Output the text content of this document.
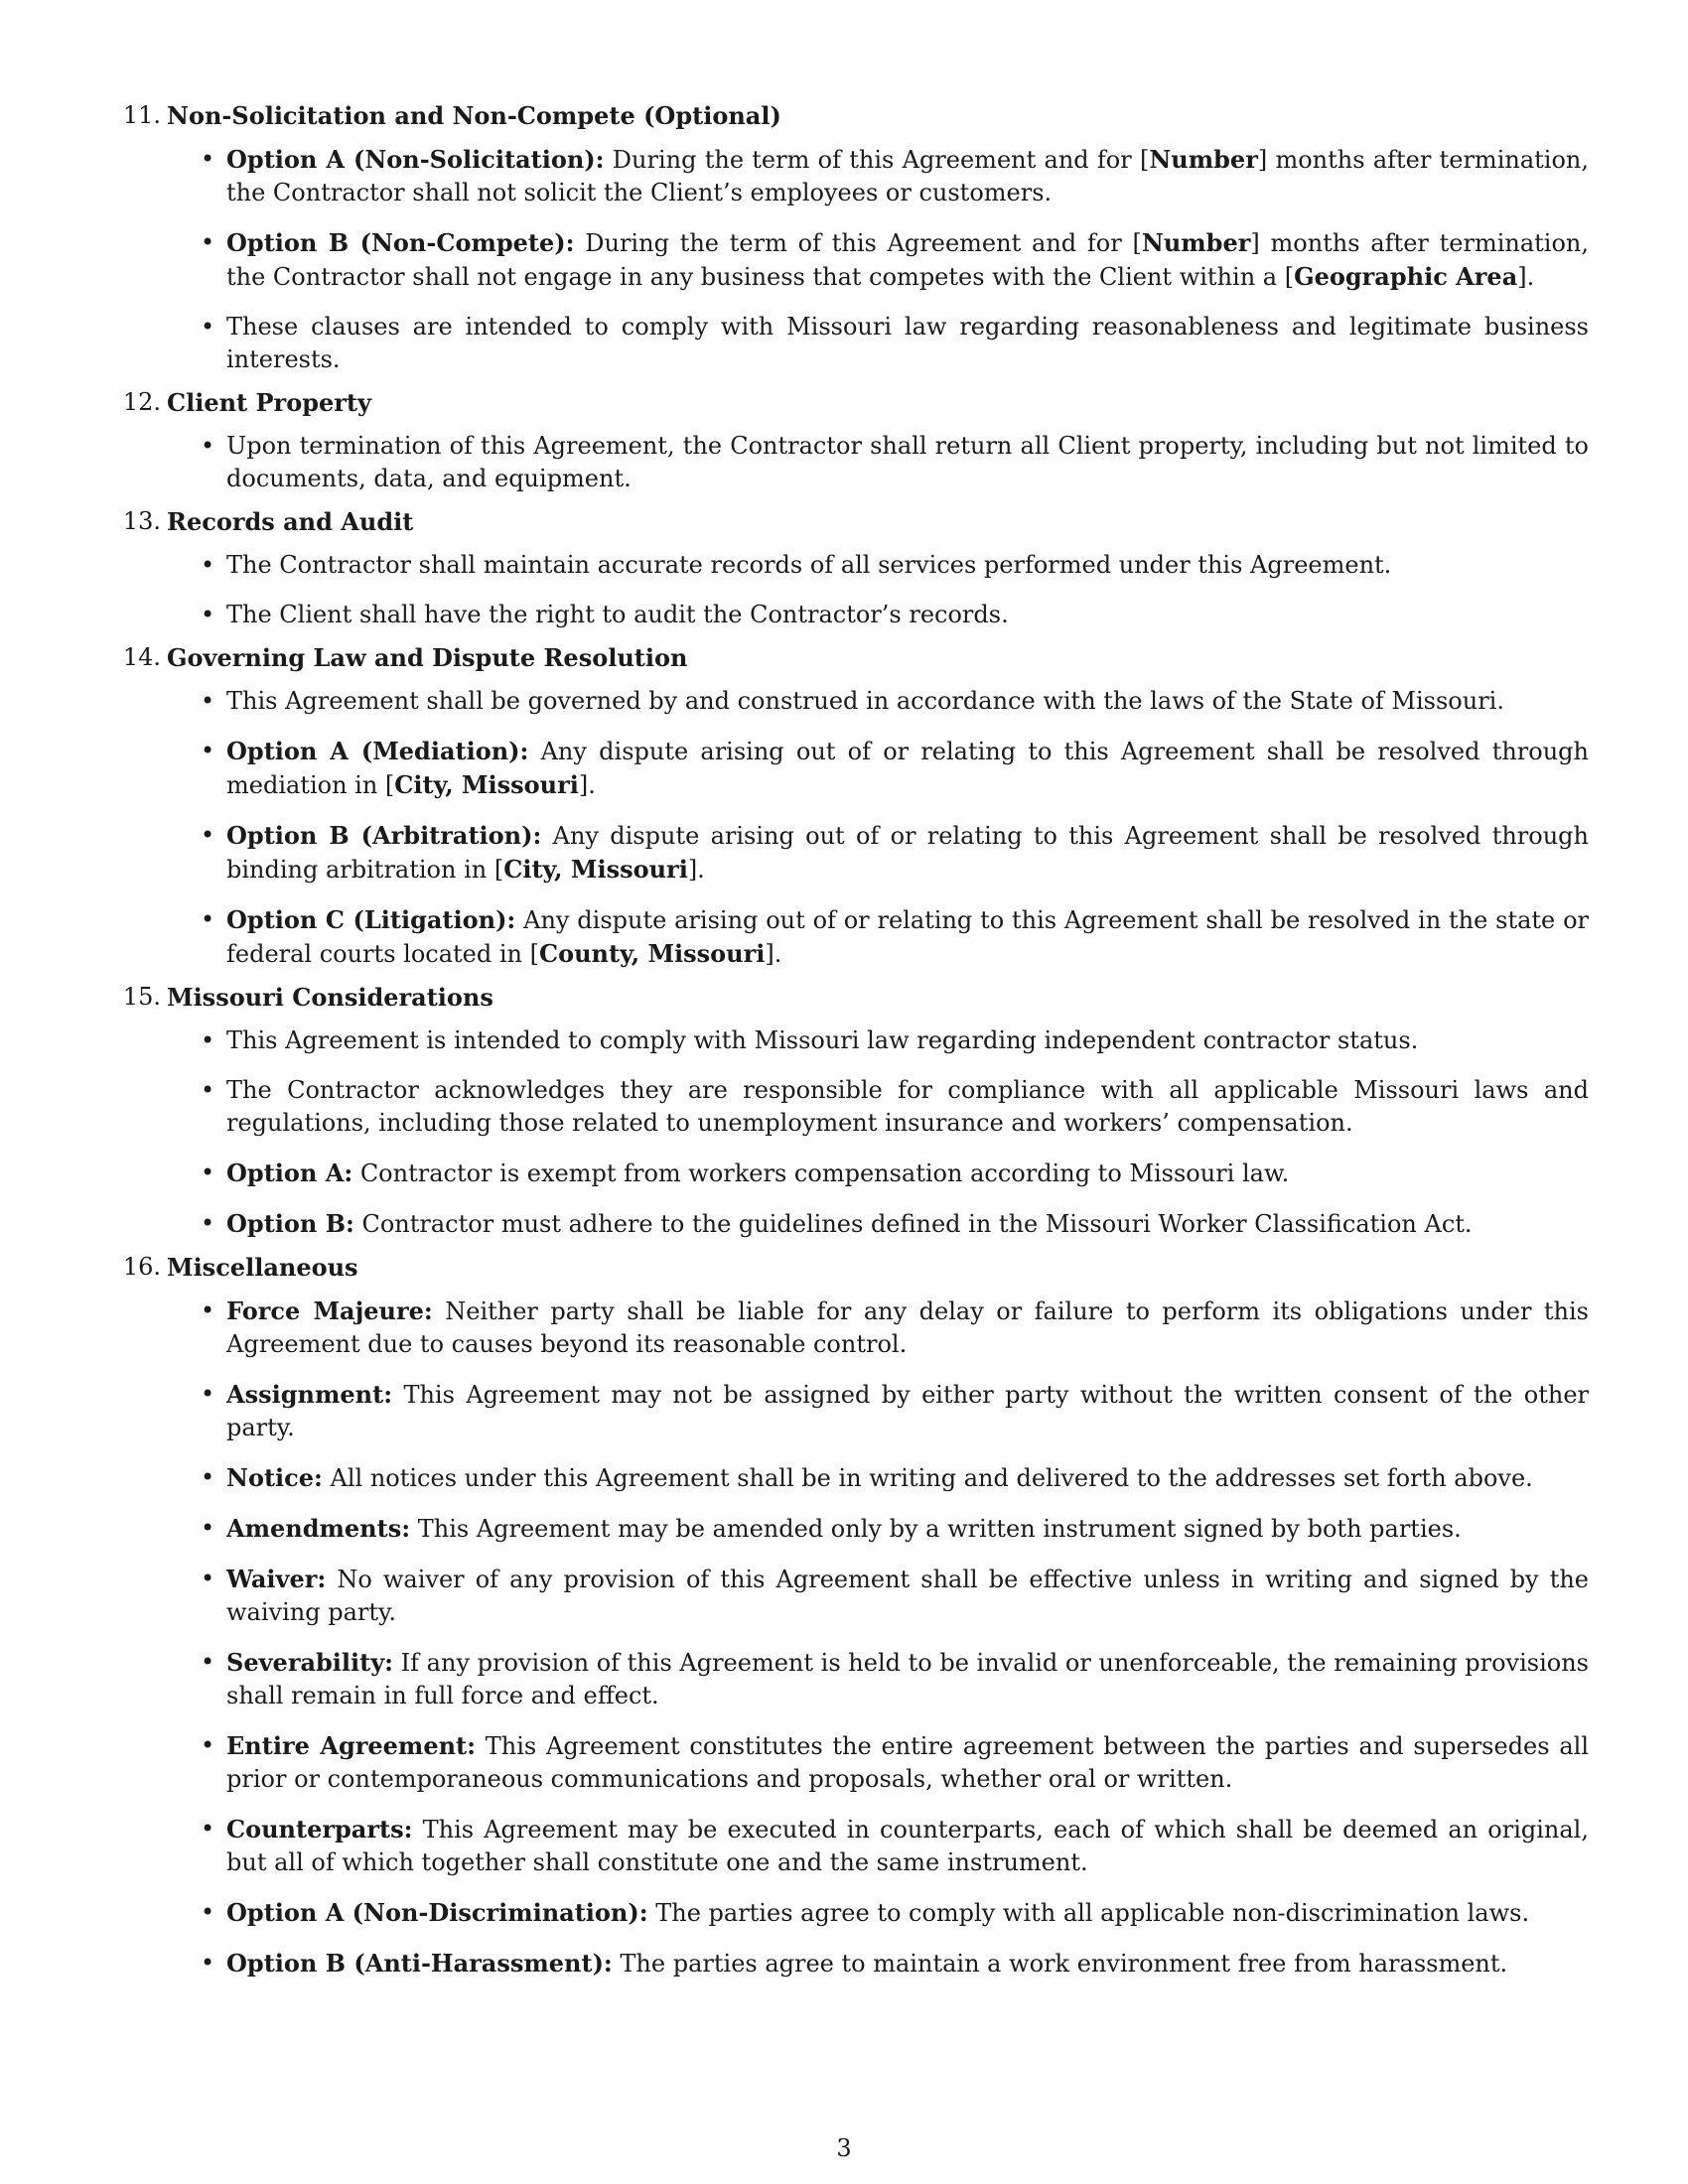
11. Non-Solicitation and Non-Compete (Optional)
• Option A (Non-Solicitation): During the term of this Agreement and for [Number] months after termination, the Contractor shall not solicit the Client’s employees or customers.
• Option B (Non-Compete): During the term of this Agreement and for [Number] months after termination, the Contractor shall not engage in any business that competes with the Client within a [Geographic Area].
• These clauses are intended to comply with Missouri law regarding reasonableness and legitimate business interests.
12. Client Property
• Upon termination of this Agreement, the Contractor shall return all Client property, including but not limited to documents, data, and equipment.
13. Records and Audit
• The Contractor shall maintain accurate records of all services performed under this Agreement.
• The Client shall have the right to audit the Contractor’s records.
14. Governing Law and Dispute Resolution
• This Agreement shall be governed by and construed in accordance with the laws of the State of Missouri.
• Option A (Mediation): Any dispute arising out of or relating to this Agreement shall be resolved through mediation in [City, Missouri].
• Option B (Arbitration): Any dispute arising out of or relating to this Agreement shall be resolved through binding arbitration in [City, Missouri].
• Option C (Litigation): Any dispute arising out of or relating to this Agreement shall be resolved in the state or federal courts located in [County, Missouri].
15. Missouri Considerations
• This Agreement is intended to comply with Missouri law regarding independent contractor status.
• The Contractor acknowledges they are responsible for compliance with all applicable Missouri laws and regulations, including those related to unemployment insurance and workers’ compensation.
• Option A: Contractor is exempt from workers compensation according to Missouri law.
• Option B: Contractor must adhere to the guidelines defined in the Missouri Worker Classification Act.
16. Miscellaneous
• Force Majeure: Neither party shall be liable for any delay or failure to perform its obligations under this Agreement due to causes beyond its reasonable control.
• Assignment: This Agreement may not be assigned by either party without the written consent of the other party.
• Notice: All notices under this Agreement shall be in writing and delivered to the addresses set forth above.
• Amendments: This Agreement may be amended only by a written instrument signed by both parties.
• Waiver: No waiver of any provision of this Agreement shall be effective unless in writing and signed by the waiving party.
• Severability: If any provision of this Agreement is held to be invalid or unenforceable, the remaining provisions shall remain in full force and effect.
• Entire Agreement: This Agreement constitutes the entire agreement between the parties and supersedes all prior or contemporaneous communications and proposals, whether oral or written.
• Counterparts: This Agreement may be executed in counterparts, each of which shall be deemed an original, but all of which together shall constitute one and the same instrument.
• Option A (Non-Discrimination): The parties agree to comply with all applicable non-discrimination laws.
• Option B (Anti-Harassment): The parties agree to maintain a work environment free from harassment.
3
